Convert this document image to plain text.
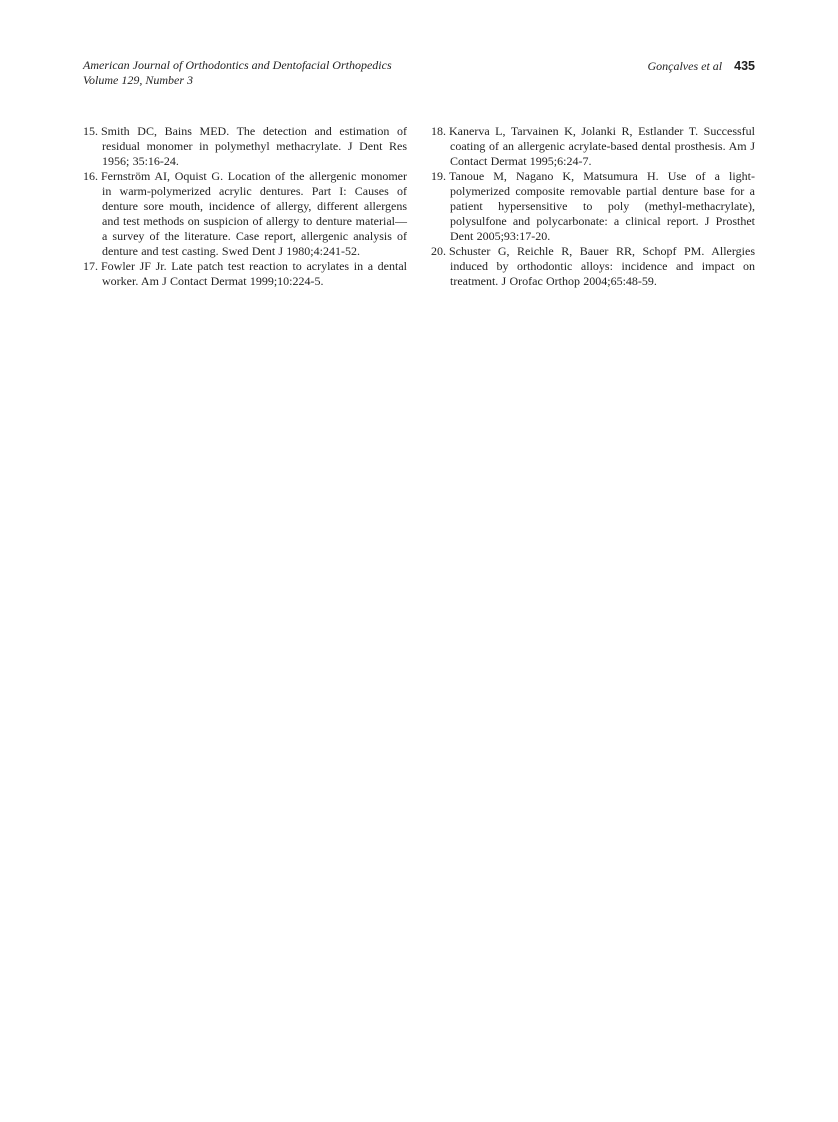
American Journal of Orthodontics and Dentofacial Orthopedics
Volume 129, Number 3
Gonçalves et al 435
15. Smith DC, Bains MED. The detection and estimation of residual monomer in polymethyl methacrylate. J Dent Res 1956; 35:16-24.
16. Fernström AI, Oquist G. Location of the allergenic monomer in warm-polymerized acrylic dentures. Part I: Causes of denture sore mouth, incidence of allergy, different allergens and test methods on suspicion of allergy to denture material—a survey of the literature. Case report, allergenic analysis of denture and test casting. Swed Dent J 1980;4:241-52.
17. Fowler JF Jr. Late patch test reaction to acrylates in a dental worker. Am J Contact Dermat 1999;10:224-5.
18. Kanerva L, Tarvainen K, Jolanki R, Estlander T. Successful coating of an allergenic acrylate-based dental prosthesis. Am J Contact Dermat 1995;6:24-7.
19. Tanoue M, Nagano K, Matsumura H. Use of a light-polymerized composite removable partial denture base for a patient hypersensitive to poly (methyl-methacrylate), polysulfone and polycarbonate: a clinical report. J Prosthet Dent 2005;93:17-20.
20. Schuster G, Reichle R, Bauer RR, Schopf PM. Allergies induced by orthodontic alloys: incidence and impact on treatment. J Orofac Orthop 2004;65:48-59.
